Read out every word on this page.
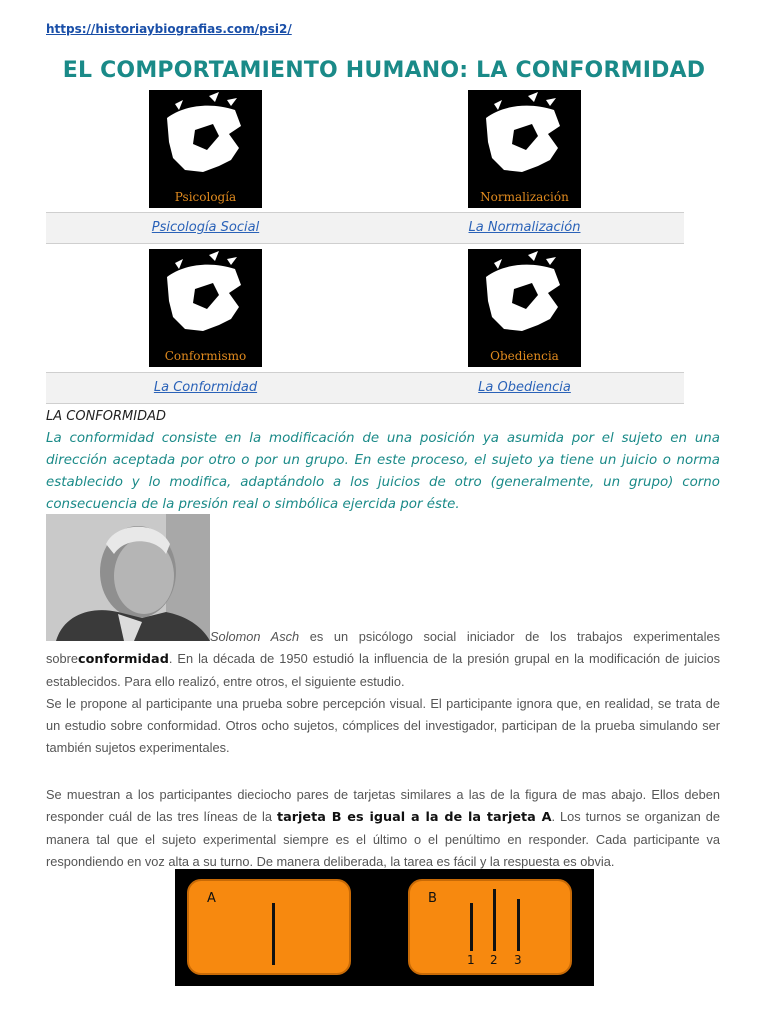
https://historiaybiografias.com/psi2/
EL COMPORTAMIENTO HUMANO: LA CONFORMIDAD
Psicología	Normalización
Psicología Social	La Normalización
Conformismo	Obediencia
La Conformidad	La Obediencia
LA CONFORMIDAD
La conformidad consiste en la modificación de una posición ya asumida por el sujeto en una dirección aceptada por otro o por un grupo. En este proceso, el sujeto ya tiene un juicio o norma establecido y lo modifica, adaptándolo a los juicios de otro (generalmente, un grupo) corno consecuencia de la presión real o simbólica ejercida por éste.
Solomon Asch es un psicólogo social iniciador de los trabajos experimentales sobreconformidad. En la década de 1950 estudió la influencia de la presión grupal en la modificación de juicios establecidos. Para ello realizó, entre otros, el siguiente estudio.
Se le propone al participante una prueba sobre percepción visual. El participante ignora que, en realidad, se trata de un estudio sobre conformidad. Otros ocho sujetos, cómplices del investigador, participan de la prueba simulando ser también sujetos experimentales.
Se muestran a los participantes dieciocho pares de tarjetas similares a las de la figura de mas abajo. Ellos deben responder cuál de las tres líneas de la tarjeta B es igual a la de la tarjeta A. Los turnos se organizan de manera tal que el sujeto experimental siempre es el último o el penúltimo en responder. Cada participante va respondiendo en voz alta a su turno. De manera deliberada, la tarea es fácil y la respuesta es obvia.
A	B
1 2 3
